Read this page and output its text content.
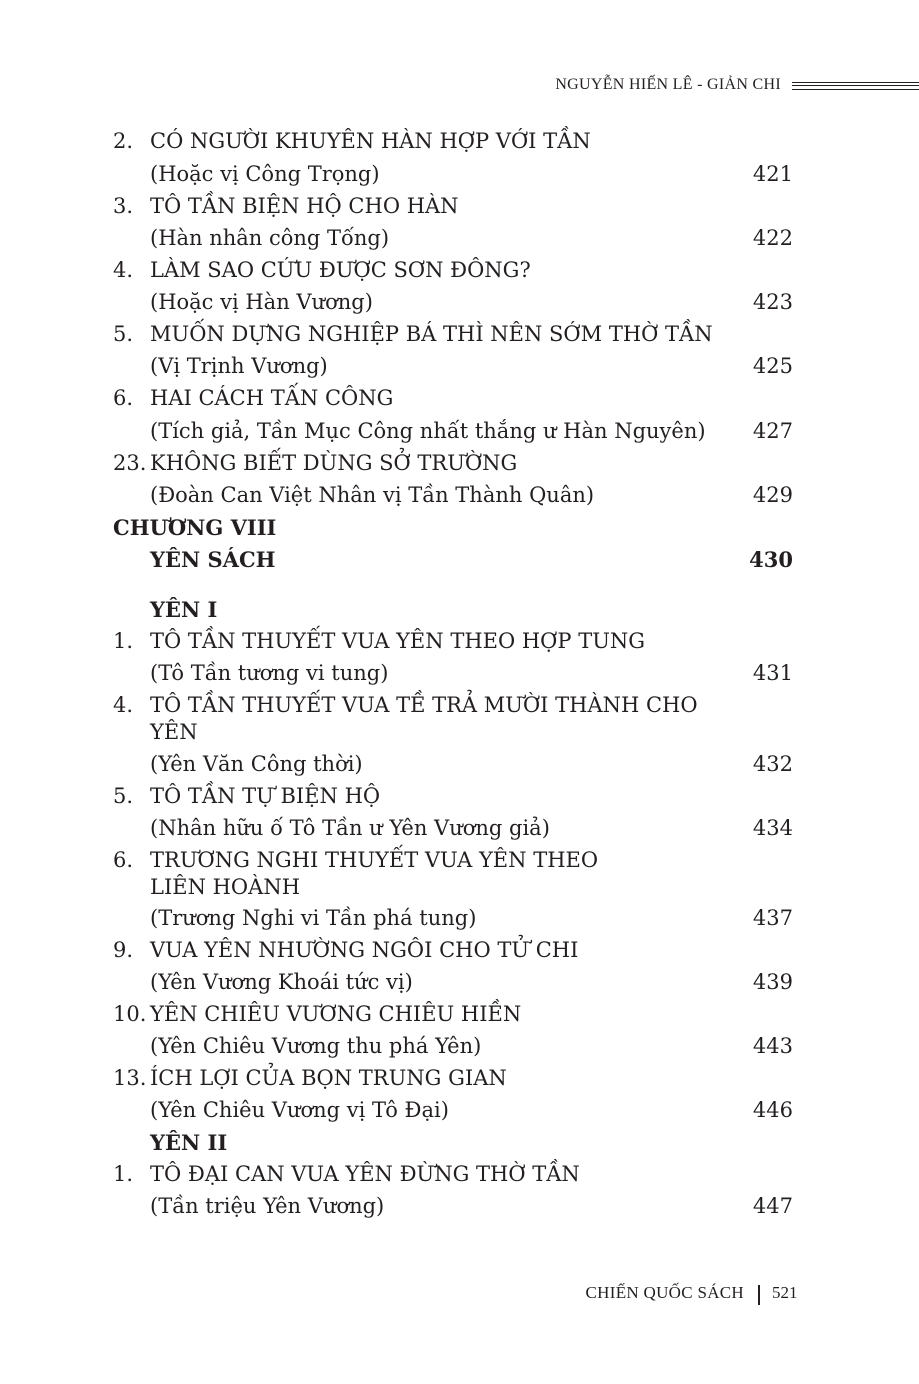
NGUYỄN HIẾN LÊ - GIẢN CHI
2. CÓ NGƯỜI KHUYÊN HÀN HỢP VỚI TẦN
(Hoặc vị Công Trọng)	421
3. TÔ TẦN BIỆN HỘ CHO HÀN
(Hàn nhân công Tống)	422
4. LÀM SAO CỨU ĐƯỢC SƠN ĐÔNG?
(Hoặc vị Hàn Vương)	423
5. MUỐN DỰNG NGHIỆP BÁ THÌ NÊN SỚM THỜ TẦN
(Vị Trịnh Vương)	425
6. HAI CÁCH TẤN CÔNG
(Tích giả, Tần Mục Công nhất thắng ư Hàn Nguyên)	427
23. KHÔNG BIẾT DÙNG SỞ TRƯỜNG
(Đoàn Can Việt Nhân vị Tần Thành Quân)	429
CHƯƠNG VIII
YÊN SÁCH	430
YÊN I
1. TÔ TẦN THUYẾT VUA YÊN THEO HỢP TUNG
(Tô Tần tương vi tung)	431
4. TÔ TẦN THUYẾT VUA TỀ TRẢ MƯỜI THÀNH CHO
YÊN
(Yên Văn Công thời)	432
5. TÔ TẦN TỰ BIỆN HỘ
(Nhân hữu ố Tô Tần ư Yên Vương giả)	434
6. TRƯƠNG NGHI THUYẾT VUA YÊN THEO
LIÊN HOÀNH
(Trương Nghi vi Tần phá tung)	437
9. VUA YÊN NHƯỜNG NGÔI CHO TỬ CHI
(Yên Vương Khoái tức vị)	439
10. YÊN CHIÊU VƯƠNG CHIÊU HIỀN
(Yên Chiêu Vương thu phá Yên)	443
13. ÍCH LỢI CỦA BỌN TRUNG GIAN
(Yên Chiêu Vương vị Tô Đại)	446
YÊN II
1. TÔ ĐẠI CAN VUA YÊN ĐỪNG THỜ TẦN
(Tần triệu Yên Vương)	447
CHIẾN QUỐC SÁCH 521
